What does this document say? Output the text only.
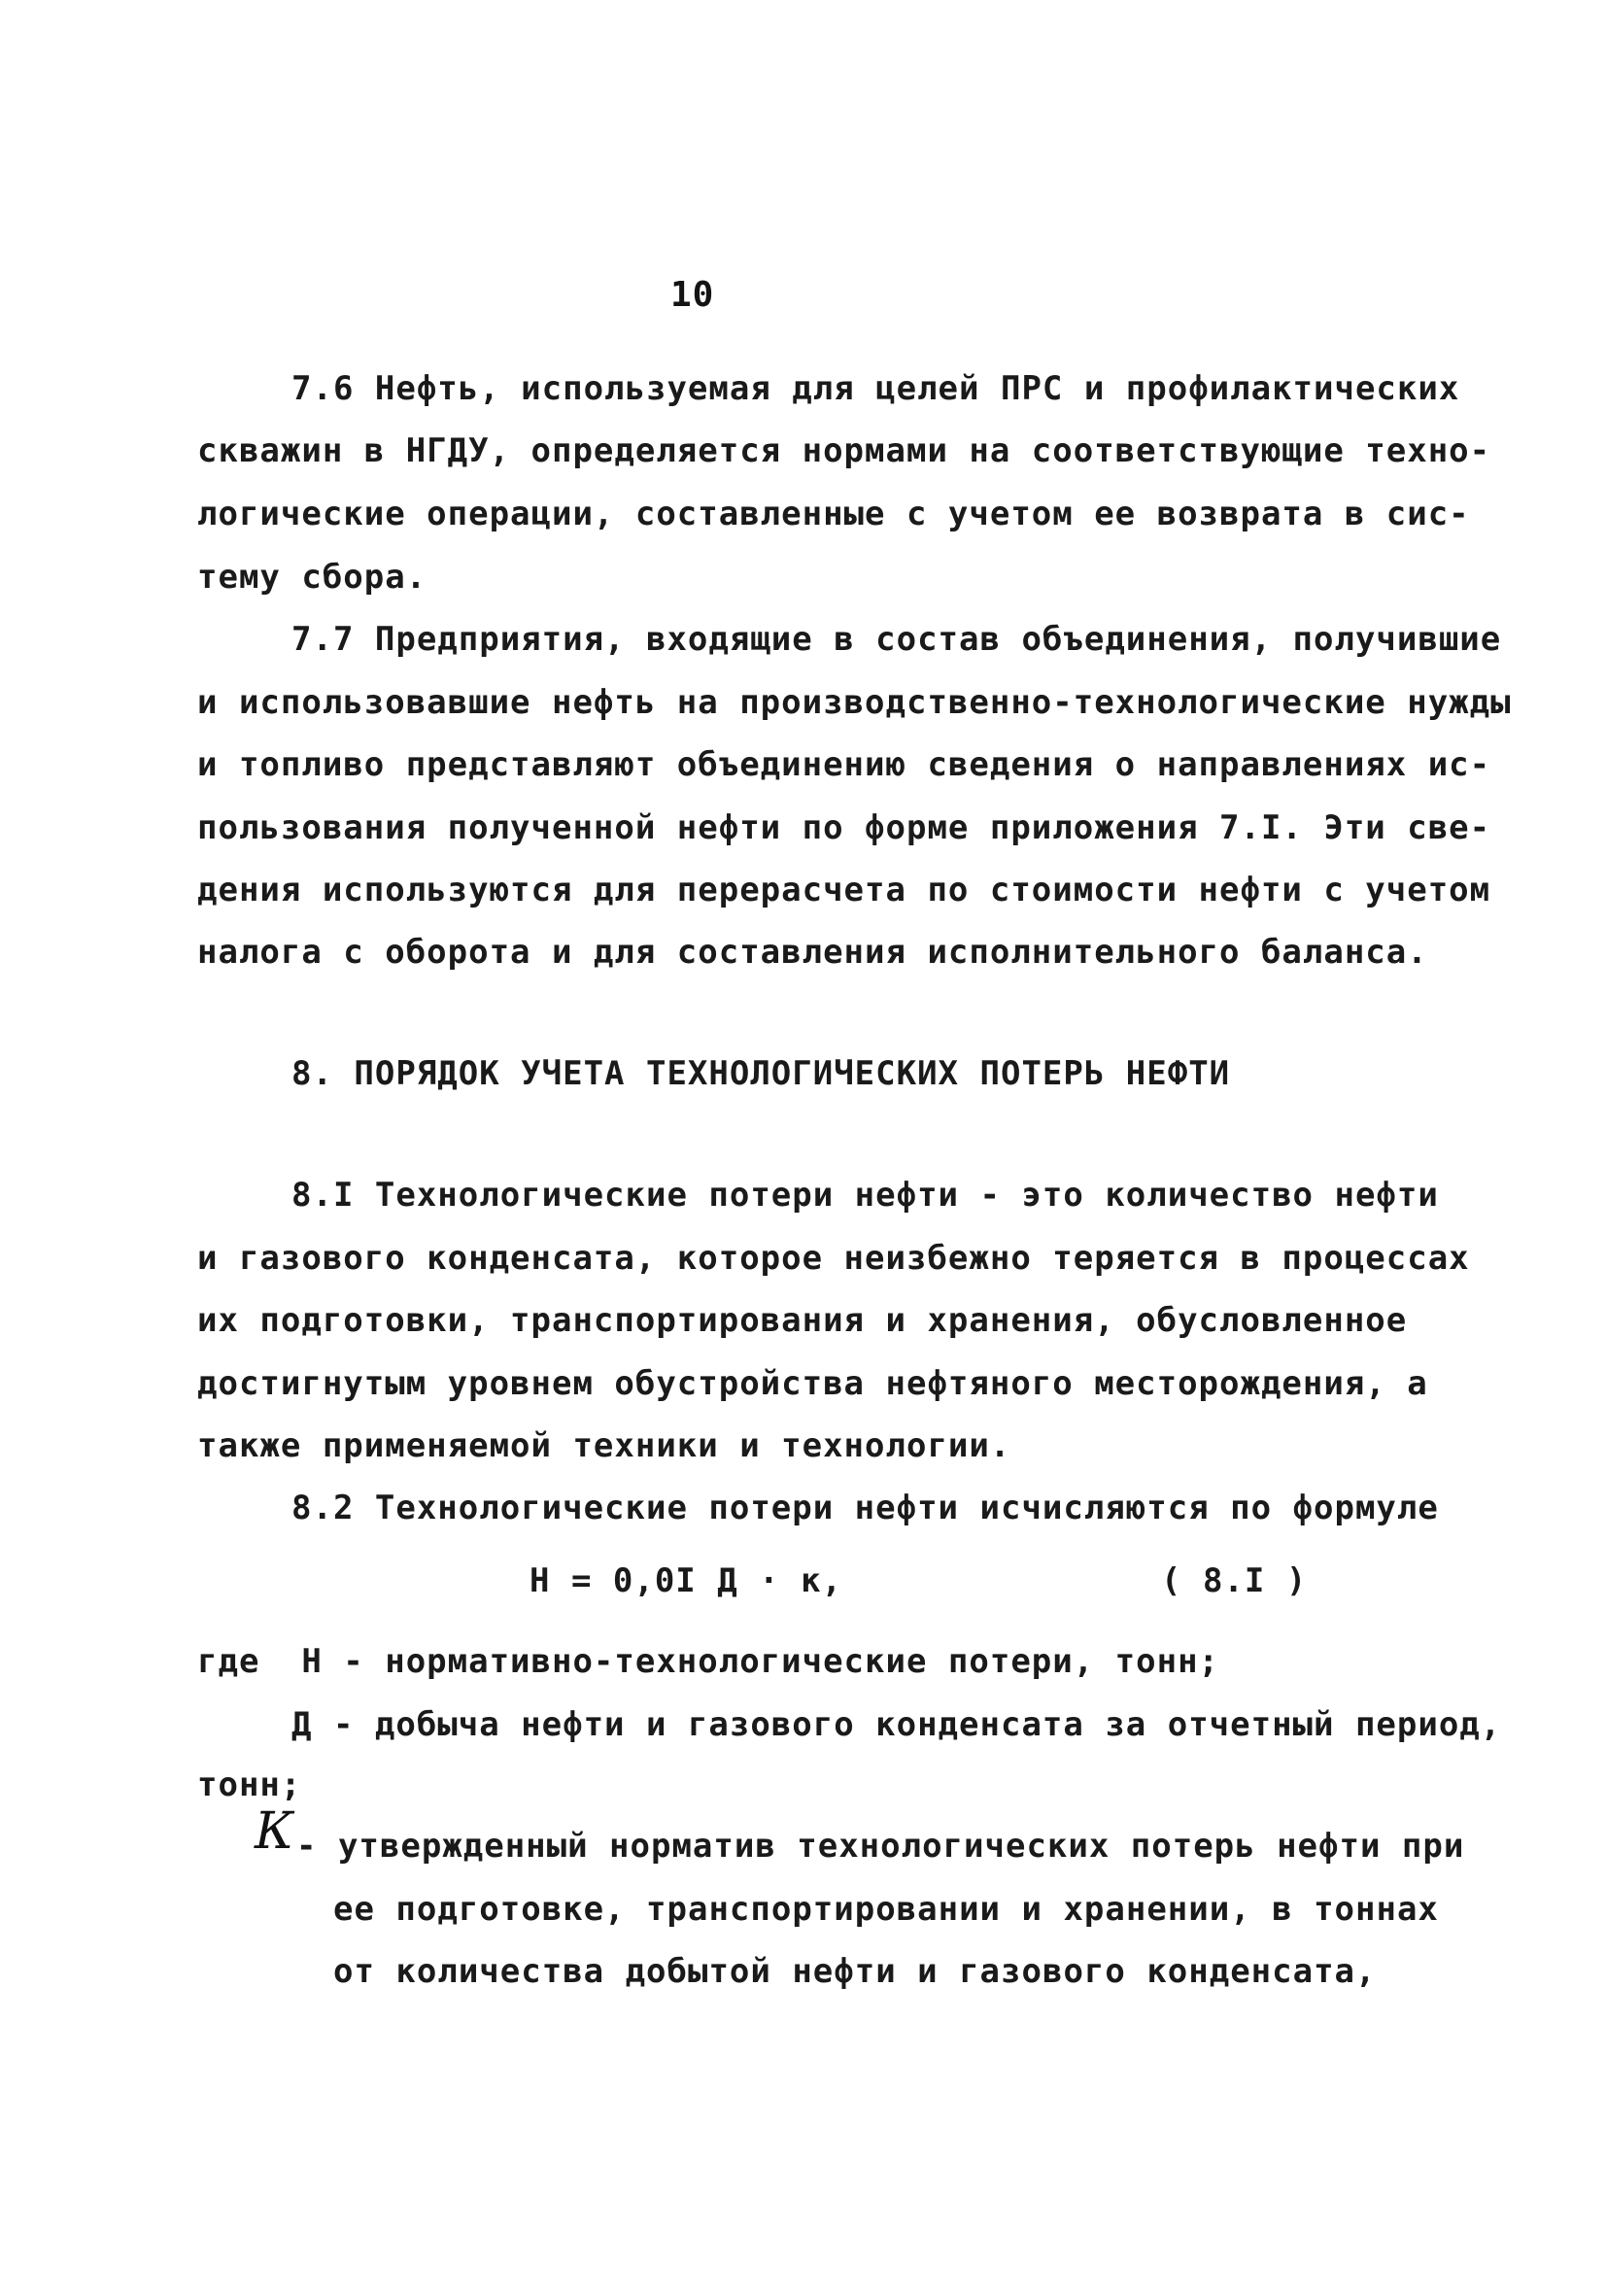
10
7.6 Нефть, используемая для целей ПРС и профилактических
скважин в НГДУ, определяется нормами на соответствующие техно-
логические операции, составленные с учетом ее возврата в сис-
тему сбора.
7.7 Предприятия, входящие в состав объединения, получившие
и использовавшие нефть на производственно-технологические нужды
и топливо представляют объединению сведения о направлениях ис-
пользования полученной нефти по форме приложения 7.I. Эти све-
дения используются для перерасчета по стоимости нефти с учетом
налога с оборота и для составления исполнительного баланса.
8. ПОРЯДОК УЧЕТА ТЕХНОЛОГИЧЕСКИХ ПОТЕРЬ НЕФТИ
8.I Технологические потери нефти - это количество нефти
и газового конденсата, которое неизбежно теряется в процессах
их подготовки, транспортирования и хранения, обусловленное
достигнутым уровнем обустройства нефтяного месторождения, а
также применяемой техники и технологии.
8.2 Технологические потери нефти исчисляются по формуле
Н = 0,0I Д · к,	( 8.I )
где  Н - нормативно-технологические потери, тонн;
Д - добыча нефти и газового конденсата за отчетный период,
тонн;
К - утвержденный норматив технологических потерь нефти при
ее подготовке, транспортировании и хранении, в тоннах
от количества добытой нефти и газового конденсата,
